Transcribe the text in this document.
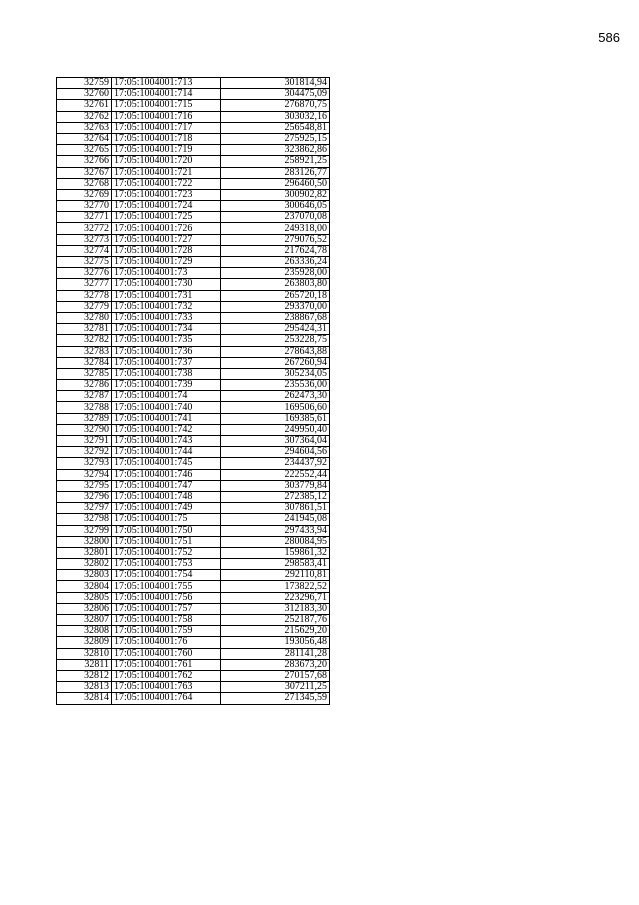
586
32759	17:05:1004001:713	301814,94
32760	17:05:1004001:714	304475,09
32761	17:05:1004001:715	276870,75
32762	17:05:1004001:716	303032,16
32763	17:05:1004001:717	256548,81
32764	17:05:1004001:718	275925,15
32765	17:05:1004001:719	323862,86
32766	17:05:1004001:720	258921,25
32767	17:05:1004001:721	283126,77
32768	17:05:1004001:722	296460,50
32769	17:05:1004001:723	300902,82
32770	17:05:1004001:724	300646,05
32771	17:05:1004001:725	237070,08
32772	17:05:1004001:726	249318,00
32773	17:05:1004001:727	279076,52
32774	17:05:1004001:728	217624,78
32775	17:05:1004001:729	263336,24
32776	17:05:1004001:73	235928,00
32777	17:05:1004001:730	263803,80
32778	17:05:1004001:731	265720,18
32779	17:05:1004001:732	293370,00
32780	17:05:1004001:733	238867,68
32781	17:05:1004001:734	295424,31
32782	17:05:1004001:735	253228,75
32783	17:05:1004001:736	278643,88
32784	17:05:1004001:737	267260,94
32785	17:05:1004001:738	305234,05
32786	17:05:1004001:739	235536,00
32787	17:05:1004001:74	262473,30
32788	17:05:1004001:740	169506,60
32789	17:05:1004001:741	169385,61
32790	17:05:1004001:742	249950,40
32791	17:05:1004001:743	307364,04
32792	17:05:1004001:744	294604,56
32793	17:05:1004001:745	234437,92
32794	17:05:1004001:746	222552,44
32795	17:05:1004001:747	303779,84
32796	17:05:1004001:748	272385,12
32797	17:05:1004001:749	307861,51
32798	17:05:1004001:75	241945,08
32799	17:05:1004001:750	297433,94
32800	17:05:1004001:751	280084,95
32801	17:05:1004001:752	159861,32
32802	17:05:1004001:753	298583,41
32803	17:05:1004001:754	292110,81
32804	17:05:1004001:755	173822,52
32805	17:05:1004001:756	223296,71
32806	17:05:1004001:757	312183,30
32807	17:05:1004001:758	252187,76
32808	17:05:1004001:759	215629,20
32809	17:05:1004001:76	193056,48
32810	17:05:1004001:760	281141,28
32811	17:05:1004001:761	283673,20
32812	17:05:1004001:762	270157,68
32813	17:05:1004001:763	307211,25
32814	17:05:1004001:764	271345,59
